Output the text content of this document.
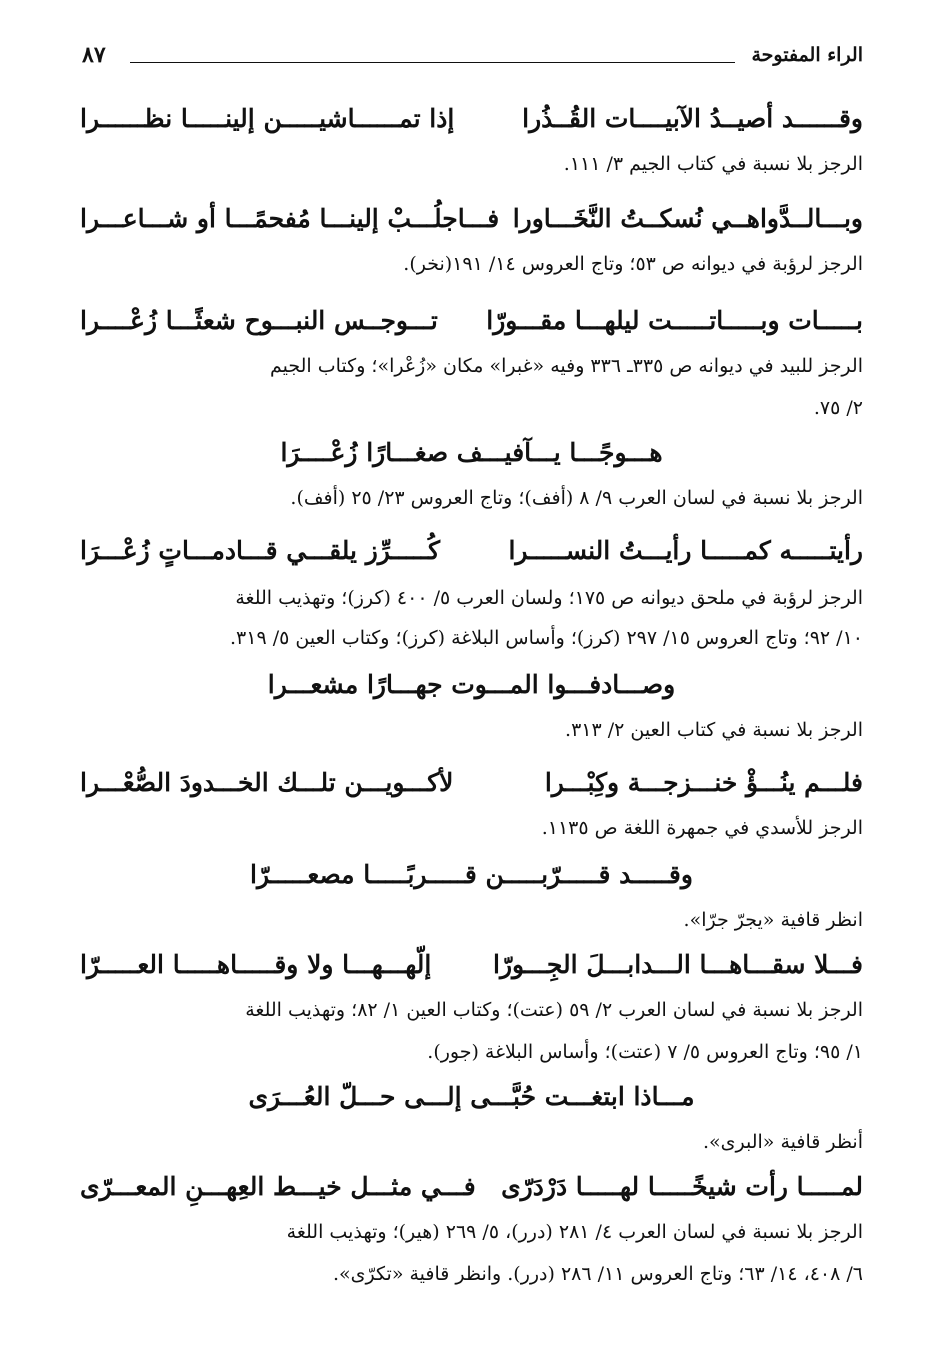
الراء المفتوحة
٨٧
وقــــــد أصيــدُ الآبيــــات القُــذُرا
إذا تمــــــاشيـــــن إلينـــــا نظــــــرا
الرجز بلا نسبة في كتاب الجيم ٣/ ١١١.
وبـــالــدَّواهــي نُسكــتُ النَّخَـــاورا
فـــاجلُـــبْ إلينـــا مُفحمًـــا أو شـــاعـــرا
الرجز لرؤبة في ديوانه ص ٥٣؛ وتاج العروس ١٤/ ١٩١(نخر).
بـــــات وبـــــاتـــــت ليلهـــا مقـــورّا
تـــوجــس النبـــوح شعثًـــا زُعْــــرا
الرجز للبيد في ديوانه ص ٣٣٥ـ ٣٣٦ وفيه «غبرا» مكان «زُعْرا»؛ وكتاب الجيم
٢/ ٧٥.
هـــوجًـــا يـــآفيـــف صغـــارًا زُعْــــرَا
الرجز بلا نسبة في لسان العرب ٩/ ٨ (أفف)؛ وتاج العروس ٢٣/ ٢٥ (أفف).
رأيتـــــه كمـــــا رأيـــتُ النســـــرا
كُـــــرِّز يلقـــي قـــادمـــاتٍ زُعْـــرَا
الرجز لرؤبة في ملحق ديوانه ص ١٧٥؛ ولسان العرب ٥/ ٤٠٠ (كرز)؛ وتهذيب اللغة
١٠/ ٩٢؛ وتاج العروس ١٥/ ٢٩٧ (كرز)؛ وأساس البلاغة (كرز)؛ وكتاب العين ٥/ ٣١٩.
وصـــادفـــوا المـــوت جهـــارًا مشعـــرا
الرجز بلا نسبة في كتاب العين ٢/ ٣١٣.
فلـــم ينُـــؤْ خنـــزجـــة وكِبْـــرا
لأكـــويـــن تلـــك الخـــدودَ الصُّعْـــرا
الرجز للأسدي في جمهرة اللغة ص ١١٣٥.
وقـــــد قـــــرّبـــــن قـــــربًـــــا مصعـــــرّا
انظر قافية «يجرّ جرّا».
فـــلا سقـــاهـــا الـــدابـــلَ الجِـــورّا
إلّهـــهـــا ولا وقـــــاهـــــا العـــــرّا
الرجز بلا نسبة في لسان العرب ٢/ ٥٩ (عتت)؛ وكتاب العين ١/ ٨٢؛ وتهذيب اللغة
١/ ٩٥؛ وتاج العروس ٥/ ٧ (عتت)؛ وأساس البلاغة (جور).
مـــاذا ابتغـــت حُبَّـــى إلـــى حـــلّ العُـــرَى
أنظر قافية «البرى».
لمـــــا رأت شيخًـــــا لهـــــا دَرْدَرّى
فـــي مثـــل خيـــط العِهـــنِ المعـــرّى
الرجز بلا نسبة في لسان العرب ٤/ ٢٨١ (درر)، ٥/ ٢٦٩ (هير)؛ وتهذيب اللغة
٦/ ٤٠٨، ١٤/ ٦٣؛ وتاج العروس ١١/ ٢٨٦ (درر). وانظر قافية «تكرّى».
